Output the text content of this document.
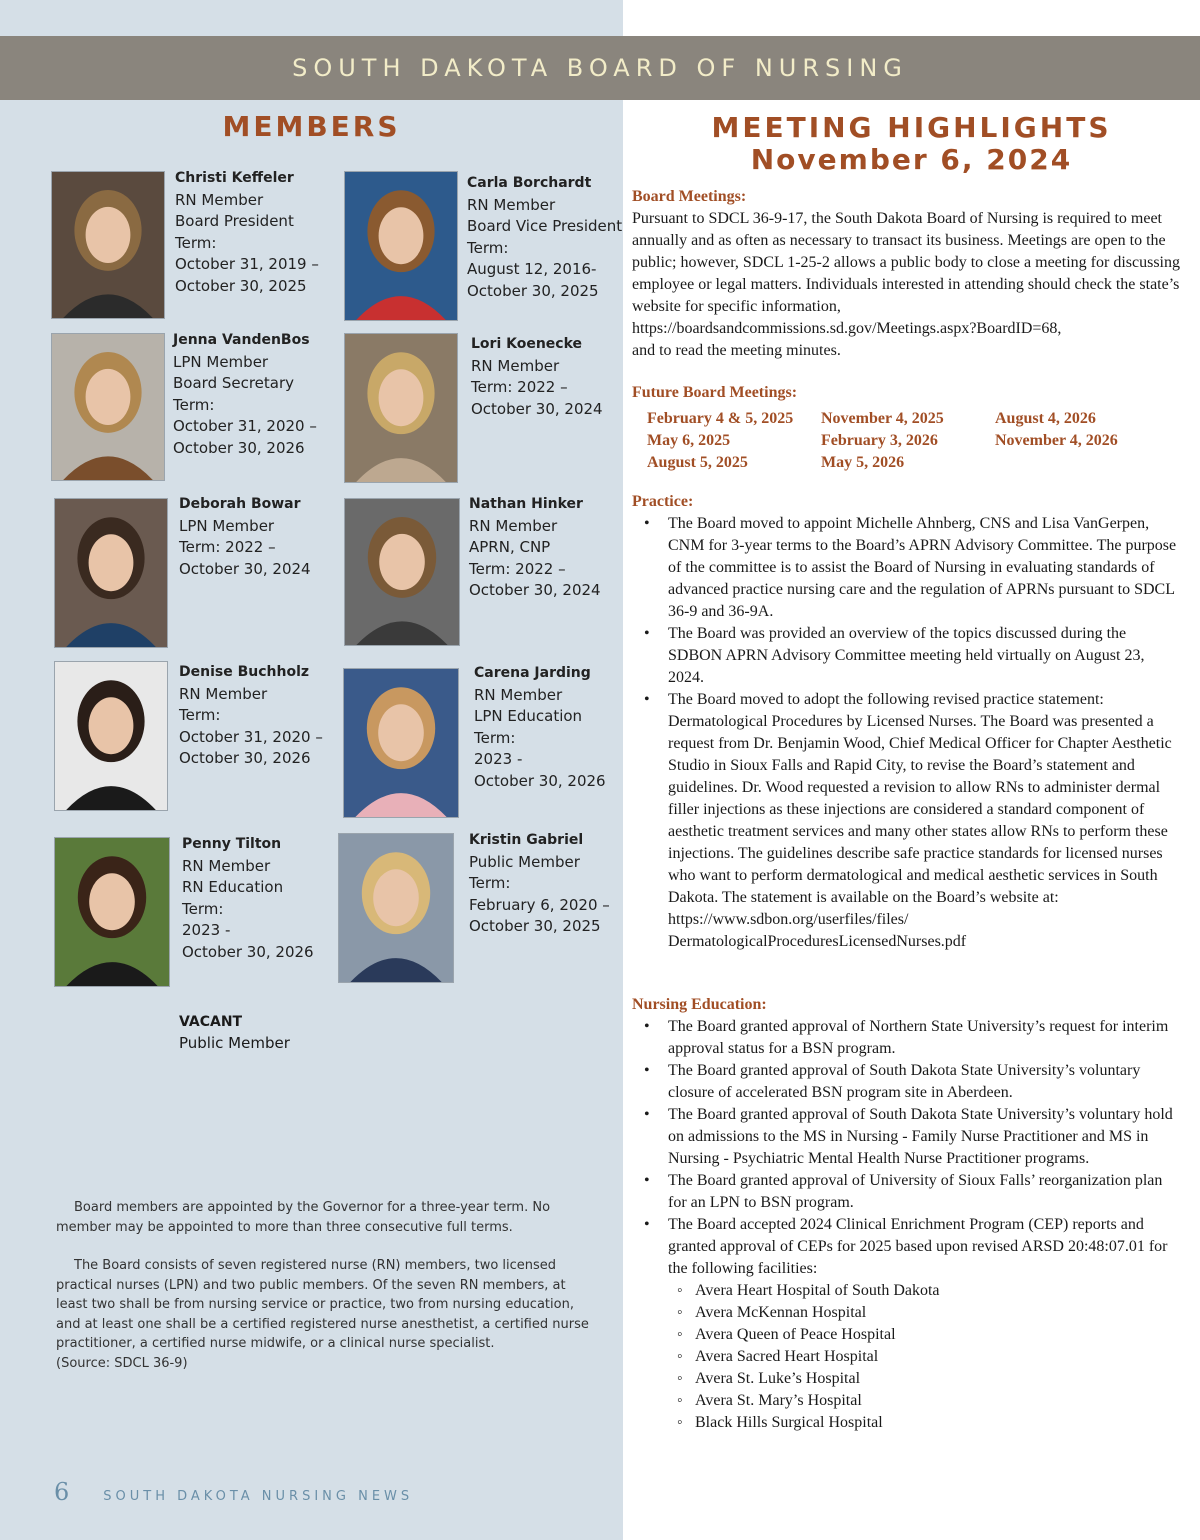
SOUTH DAKOTA BOARD OF NURSING
MEMBERS
Christi Keffeler
RN Member
Board President
Term:
October 31, 2019 –
October 30, 2025
Carla Borchardt
RN Member
Board Vice President
Term:
August 12, 2016-
October 30, 2025
Jenna VandenBos
LPN Member
Board Secretary
Term:
October 31, 2020 –
October 30, 2026
Lori Koenecke
RN Member
Term: 2022 –
October 30, 2024
Deborah Bowar
LPN Member
Term: 2022 –
October 30, 2024
Nathan Hinker
RN Member
APRN, CNP
Term: 2022 –
October 30, 2024
Denise Buchholz
RN Member
Term:
October 31, 2020 –
October 30, 2026
Carena Jarding
RN Member
LPN Education
Term:
2023 -
October 30, 2026
Penny Tilton
RN Member
RN Education
Term:
2023 -
October 30, 2026
Kristin Gabriel
Public Member
Term:
February 6, 2020 –
October 30, 2025
VACANT
Public Member

Board members are appointed by the Governor for a three-year term. No member may be appointed to more than three consecutive full terms.

The Board consists of seven registered nurse (RN) members, two licensed practical nurses (LPN) and two public members. Of the seven RN members, at least two shall be from nursing service or practice, two from nursing education, and at least one shall be a certified registered nurse anesthetist, a certified nurse practitioner, a certified nurse midwife, or a clinical nurse specialist.

(Source: SDCL 36-9)
6	SOUTH DAKOTA NURSING NEWS
MEETING HIGHLIGHTS
November 6, 2024
Board Meetings:
Pursuant to SDCL 36-9-17, the South Dakota Board of Nursing is required to meet annually and as often as necessary to transact its business. Meetings are open to the public; however, SDCL 1-25-2 allows a public body to close a meeting for discussing employee or legal matters. Individuals interested in attending should check the state’s website for specific information, https://boardsandcommissions.sd.gov/Meetings.aspx?BoardID=68,
and to read the meeting minutes.
Future Board Meetings:
February 4 & 5, 2025	November 4, 2025	August 4, 2026
May 6, 2025	February 3, 2026	November 4, 2026
August 5, 2025	May 5, 2026
Practice:
• The Board moved to appoint Michelle Ahnberg, CNS and Lisa VanGerpen, CNM for 3-year terms to the Board’s APRN Advisory Committee. The purpose of the committee is to assist the Board of Nursing in evaluating standards of advanced practice nursing care and the regulation of APRNs pursuant to SDCL 36-9 and 36-9A.
• The Board was provided an overview of the topics discussed during the SDBON APRN Advisory Committee meeting held virtually on August 23, 2024.
• The Board moved to adopt the following revised practice statement: Dermatological Procedures by Licensed Nurses. The Board was presented a request from Dr. Benjamin Wood, Chief Medical Officer for Chapter Aesthetic Studio in Sioux Falls and Rapid City, to revise the Board’s statement and guidelines. Dr. Wood requested a revision to allow RNs to administer dermal filler injections as these injections are considered a standard component of aesthetic treatment services and many other states allow RNs to perform these injections. The guidelines describe safe practice standards for licensed nurses who want to perform dermatological and medical aesthetic services in South Dakota. The statement is available on the Board’s website at: https://www.sdbon.org/userfiles/files/ DermatologicalProceduresLicensedNurses.pdf
Nursing Education:
• The Board granted approval of Northern State University’s request for interim approval status for a BSN program.
• The Board granted approval of South Dakota State University’s voluntary closure of accelerated BSN program site in Aberdeen.
• The Board granted approval of South Dakota State University’s voluntary hold on admissions to the MS in Nursing - Family Nurse Practitioner and MS in Nursing - Psychiatric Mental Health Nurse Practitioner programs.
• The Board granted approval of University of Sioux Falls’ reorganization plan for an LPN to BSN program.
• The Board accepted 2024 Clinical Enrichment Program (CEP) reports and granted approval of CEPs for 2025 based upon revised ARSD 20:48:07.01 for the following facilities:
◦ Avera Heart Hospital of South Dakota
◦ Avera McKennan Hospital
◦ Avera Queen of Peace Hospital
◦ Avera Sacred Heart Hospital
◦ Avera St. Luke’s Hospital
◦ Avera St. Mary’s Hospital
◦ Black Hills Surgical Hospital
